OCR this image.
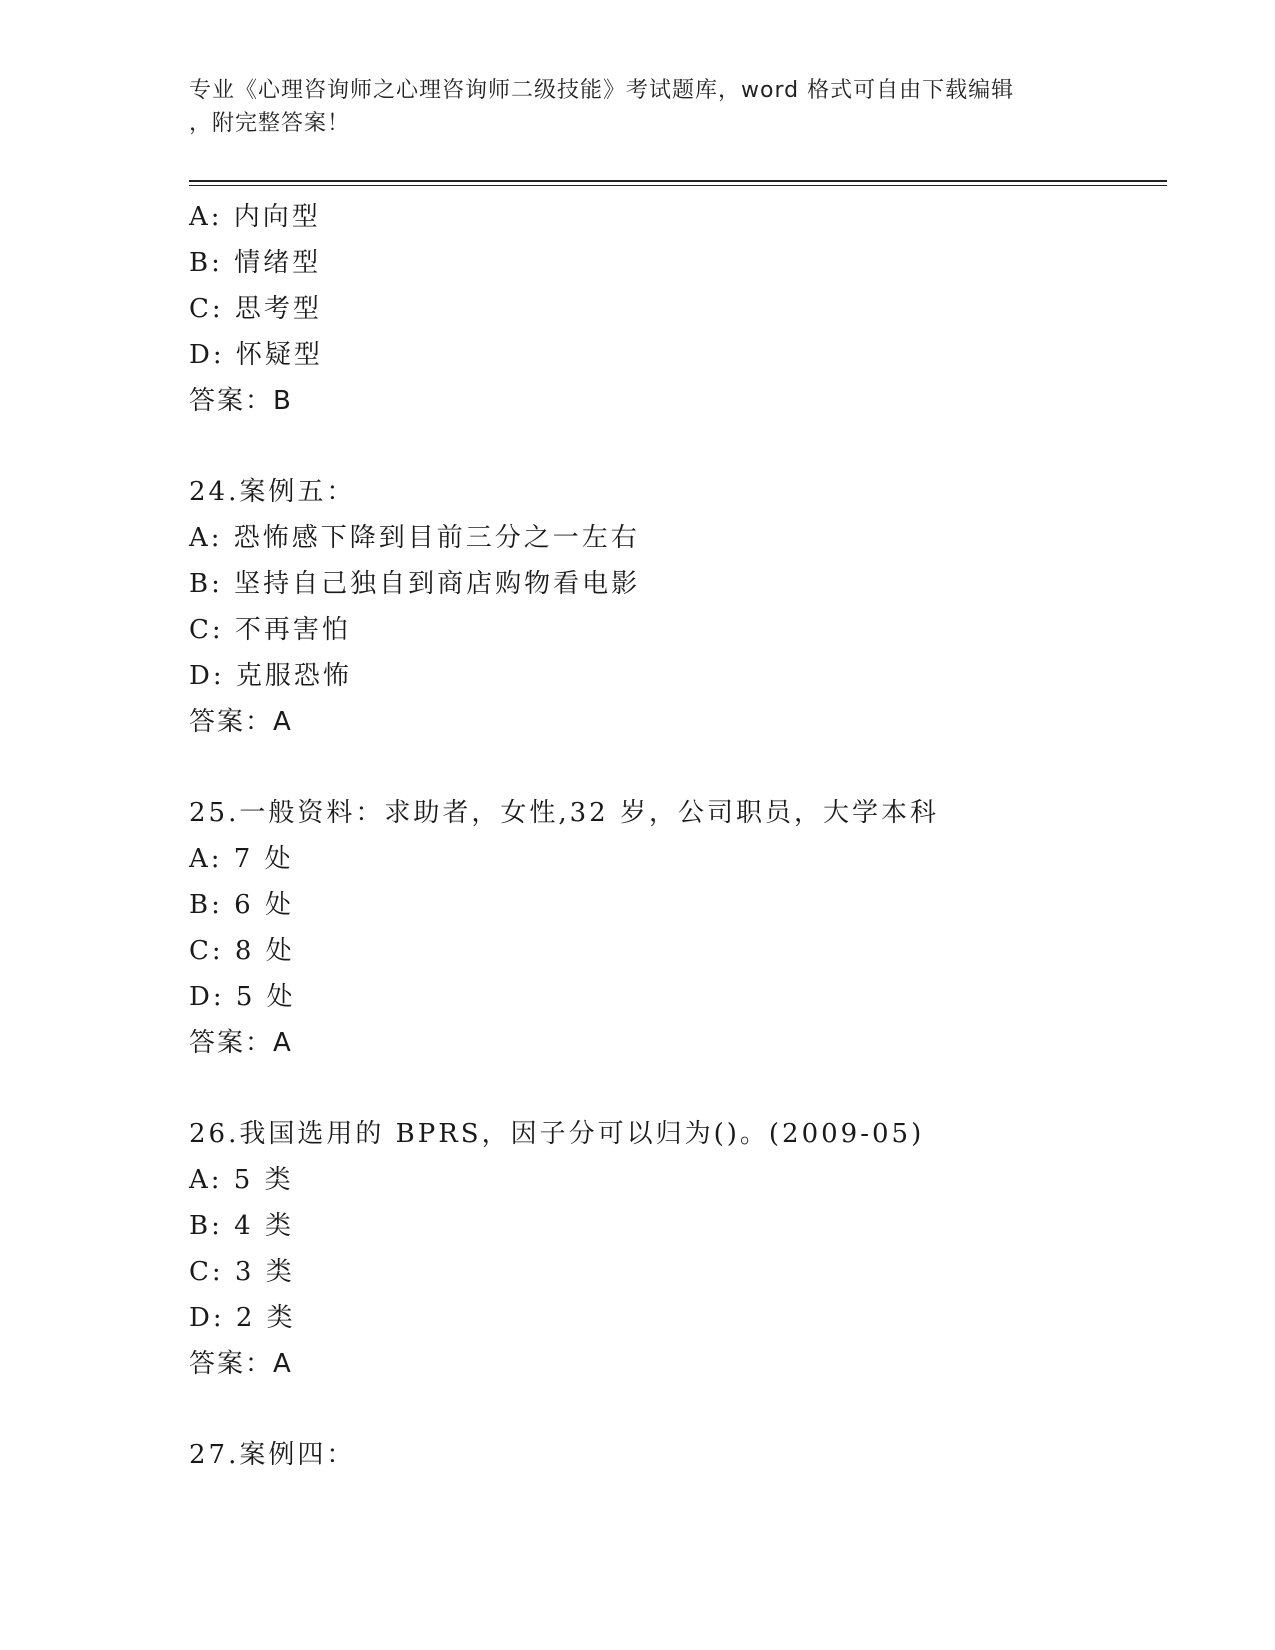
专业《心理咨询师之心理咨询师二级技能》考试题库，word 格式可自由下载编辑
，附完整答案！
A: 内向型
B: 情绪型
C: 思考型
D: 怀疑型
答案：B
24.案例五：
A: 恐怖感下降到目前三分之一左右
B: 坚持自己独自到商店购物看电影
C: 不再害怕
D: 克服恐怖
答案：A
25.一般资料：求助者，女性,32 岁，公司职员，大学本科
A: 7 处
B: 6 处
C: 8 处
D: 5 处
答案：A
26.我国选用的 BPRS，因子分可以归为()。(2009-05)
A: 5 类
B: 4 类
C: 3 类
D: 2 类
答案：A
27.案例四：
